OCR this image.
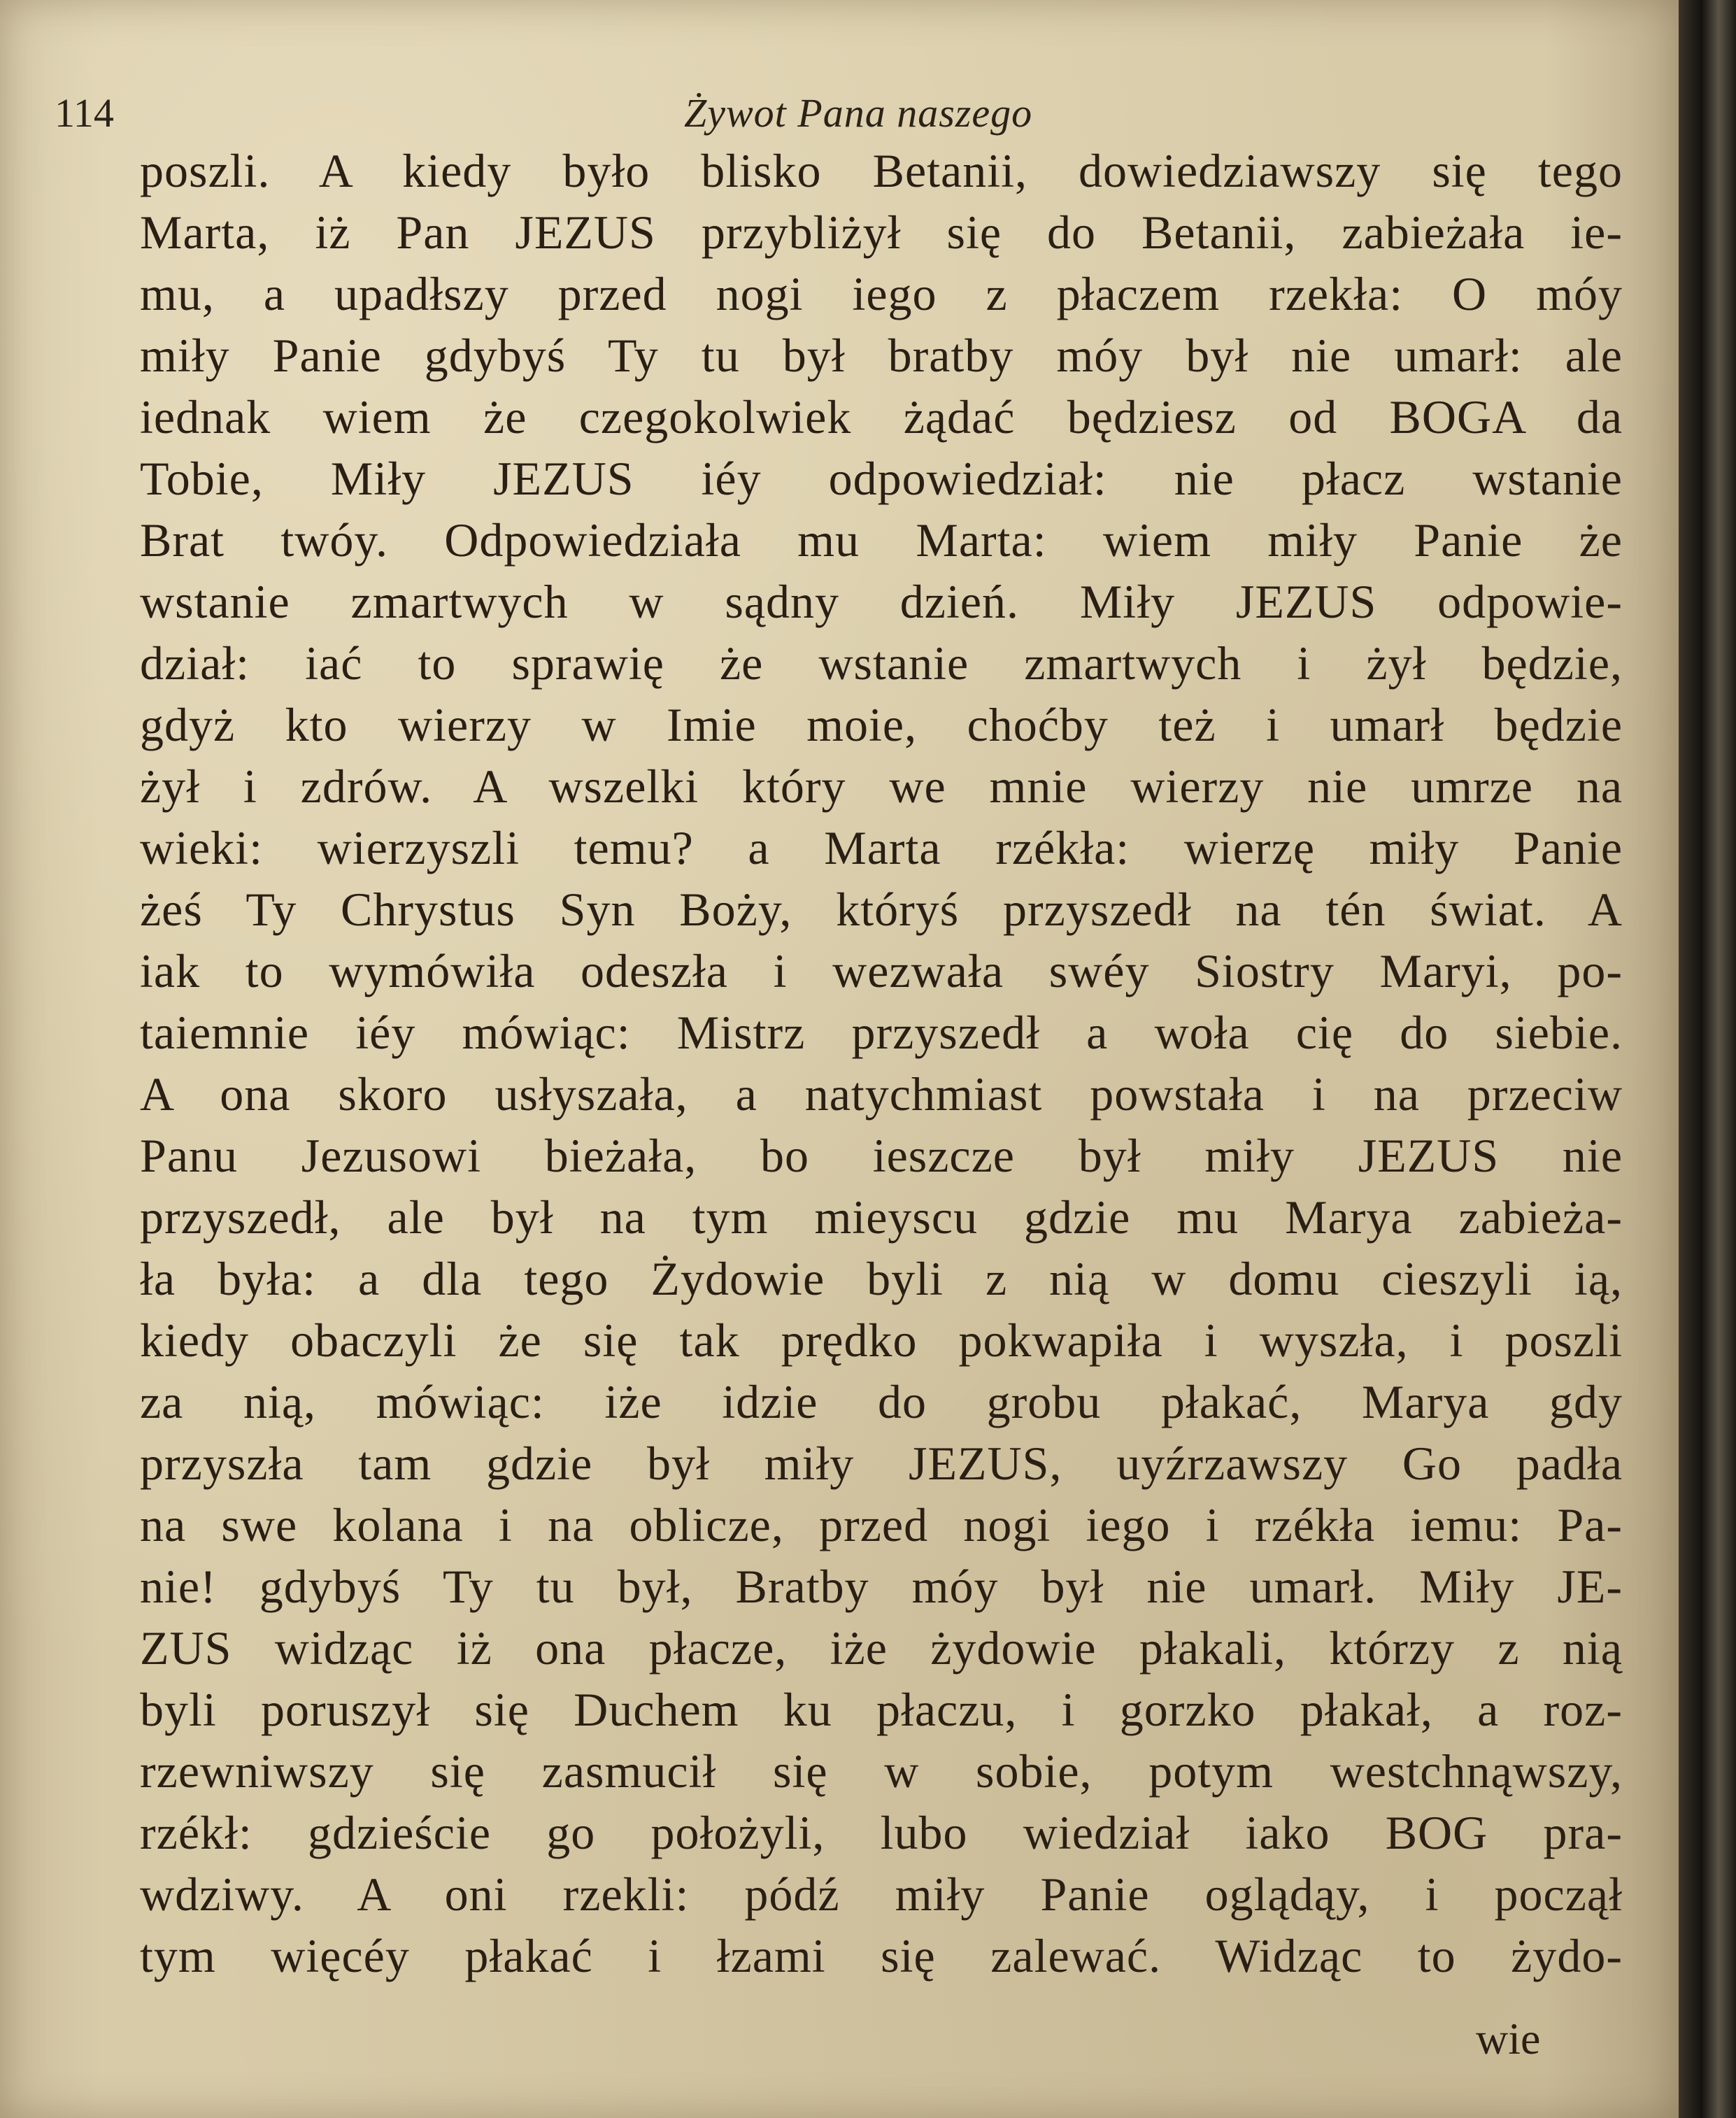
114	Żywot Pana naszego
poszli. A kiedy było blisko Betanii, dowiedziawszy się tego
Marta, iż Pan JEZUS przybliżył się do Betanii, zabieżała ie-
mu, a upadłszy przed nogi iego z płaczem rzekła: O móy
miły Panie gdybyś Ty tu był bratby móy był nie umarł: ale
iednak wiem że czegokolwiek żądać będziesz od BOGA da
Tobie, Miły JEZUS iéy odpowiedział: nie płacz wstanie
Brat twóy. Odpowiedziała mu Marta: wiem miły Panie że
wstanie zmartwych w sądny dzień. Miły JEZUS odpowie-
dział: iać to sprawię że wstanie zmartwych i żył będzie,
gdyż kto wierzy w Imie moie, choćby też i umarł będzie
żył i zdrów. A wszelki który we mnie wierzy nie umrze na
wieki: wierzyszli temu? a Marta rzékła: wierzę miły Panie
żeś Ty Chrystus Syn Boży, któryś przyszedł na tén świat. A
iak to wymówiła odeszła i wezwała swéy Siostry Maryi, po-
taiemnie iéy mówiąc: Mistrz przyszedł a woła cię do siebie.
A ona skoro usłyszała, a natychmiast powstała i na przeciw
Panu Jezusowi bieżała, bo ieszcze był miły JEZUS nie
przyszedł, ale był na tym mieyscu gdzie mu Marya zabieża-
ła była: a dla tego Żydowie byli z nią w domu cieszyli ią,
kiedy obaczyli że się tak prędko pokwapiła i wyszła, i poszli
za nią, mówiąc: iże idzie do grobu płakać, Marya gdy
przyszła tam gdzie był miły JEZUS, uyźrzawszy Go padła
na swe kolana i na oblicze, przed nogi iego i rzékła iemu: Pa-
nie! gdybyś Ty tu był, Bratby móy był nie umarł. Miły JE-
ZUS widząc iż ona płacze, iże żydowie płakali, którzy z nią
byli poruszył się Duchem ku płaczu, i gorzko płakał, a roz-
rzewniwszy się zasmucił się w sobie, potym westchnąwszy,
rzékł: gdzieście go położyli, lubo wiedział iako BOG pra-
wdziwy. A oni rzekli: pódź miły Panie oglądąy, i począł
tym więcéy płakać i łzami się zalewać. Widząc to żydo-
wie
